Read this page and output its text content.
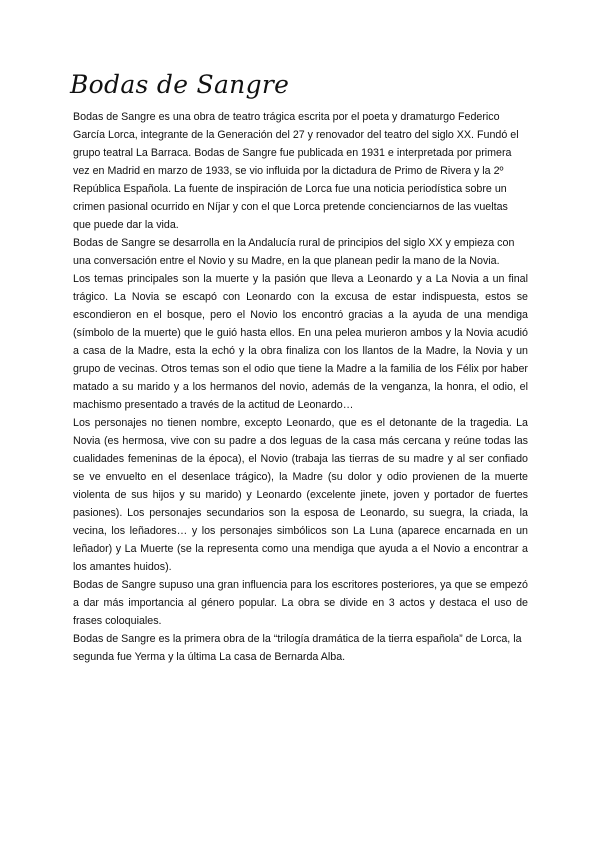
Bodas de Sangre

Bodas de Sangre es una obra de teatro trágica escrita por el poeta y dramaturgo Federico García Lorca, integrante de la Generación del 27 y renovador del teatro del siglo XX. Fundó el grupo teatral La Barraca. Bodas de Sangre fue publicada en 1931 e interpretada por primera vez en Madrid en marzo de 1933, se vio influida por la dictadura de Primo de Rivera y la 2º República Española. La fuente de inspiración de Lorca fue una noticia periodística sobre un crimen pasional ocurrido en Níjar y con el que Lorca pretende concienciarnos de las vueltas que puede dar la vida.

Bodas de Sangre se desarrolla en la Andalucía rural de principios del siglo XX y empieza con una conversación entre el Novio y su Madre, en la que planean pedir la mano de la Novia.

Los temas principales son la muerte y la pasión que lleva a Leonardo y a La Novia a un final trágico. La Novia se escapó con Leonardo con la excusa de estar indispuesta, estos se escondieron en el bosque, pero el Novio los encontró gracias a la ayuda de una mendiga (símbolo de la muerte) que le guió hasta ellos. En una pelea murieron ambos y la Novia acudió a casa de la Madre, esta la echó y la obra finaliza con los llantos de la Madre, la Novia y un grupo de vecinas. Otros temas son el odio que tiene la Madre a la familia de los Félix por haber matado a su marido y a los hermanos del novio, además de la venganza, la honra, el odio, el machismo presentado a través de la actitud de Leonardo…

Los personajes no tienen nombre, excepto Leonardo, que es el detonante de la tragedia. La Novia (es hermosa, vive con su padre a dos leguas de la casa más cercana y reúne todas las cualidades femeninas de la época), el Novio (trabaja las tierras de su madre y al ser confiado se ve envuelto en el desenlace trágico), la Madre (su dolor y odio provienen de la muerte violenta de sus hijos y su marido) y Leonardo (excelente jinete, joven y portador de fuertes pasiones). Los personajes secundarios son la esposa de Leonardo, su suegra, la criada, la vecina, los leñadores… y los personajes simbólicos son La Luna (aparece encarnada en un leñador) y La Muerte (se la representa como una mendiga que ayuda a el Novio a encontrar a los amantes huidos).

Bodas de Sangre supuso una gran influencia para los escritores posteriores, ya que se empezó a dar más importancia al género popular. La obra se divide en 3 actos y destaca el uso de frases coloquiales.

Bodas de Sangre es la primera obra de la “trilogía dramática de la tierra española” de Lorca, la segunda fue Yerma y la última La casa de Bernarda Alba.
